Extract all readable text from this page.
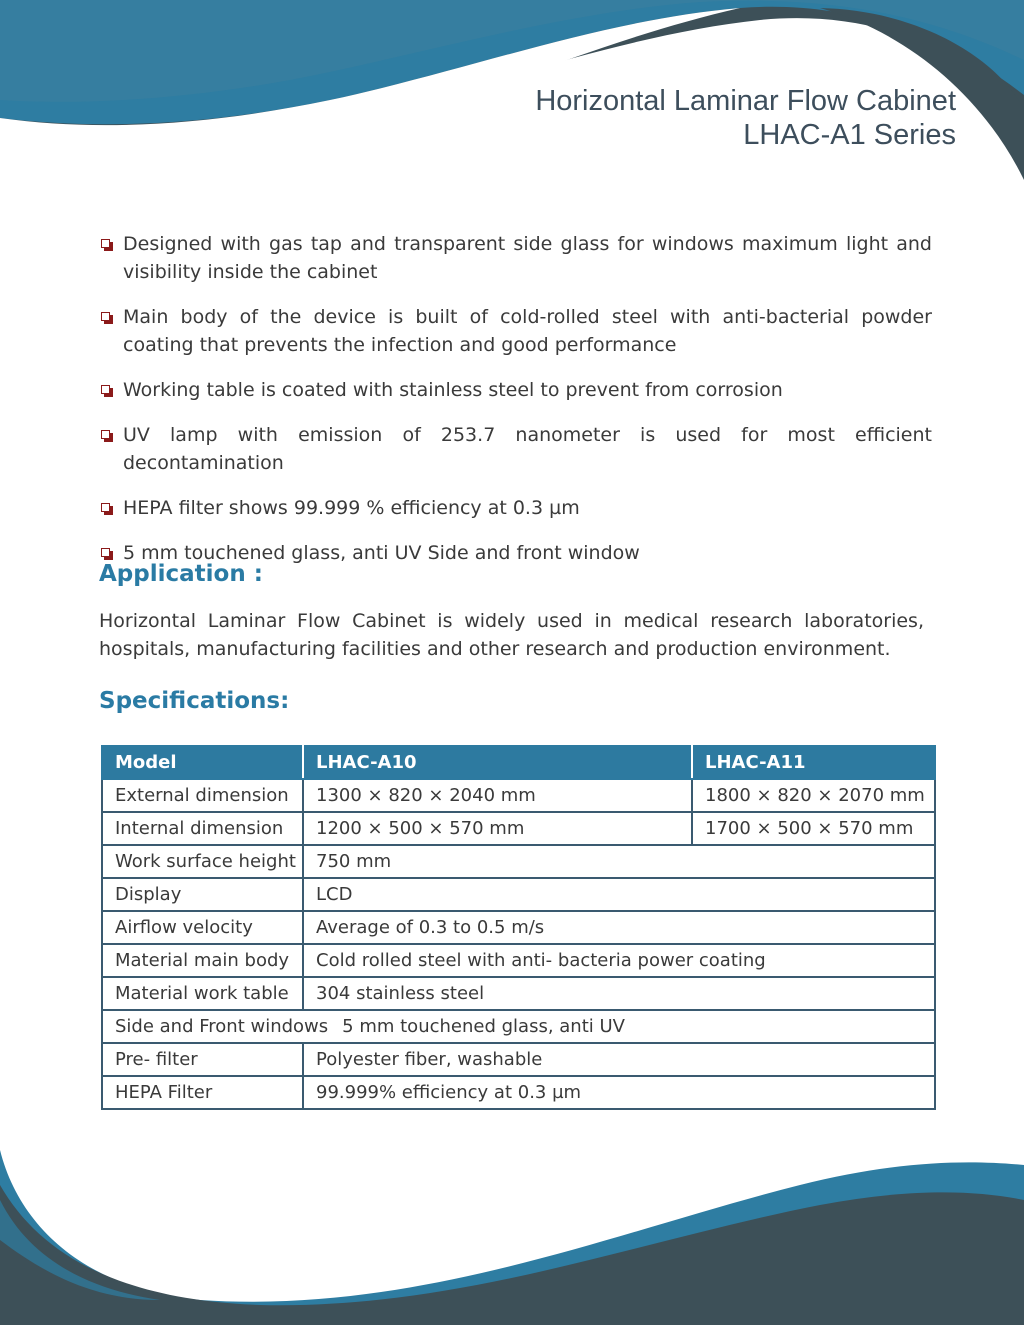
Horizontal Laminar Flow Cabinet
LHAC-A1 Series
Designed with gas tap and transparent side glass for windows maximum light and visibility inside the cabinet
Main body of the device is built of cold-rolled steel with anti-bacterial powder coating that prevents the infection and good performance
Working table is coated with stainless steel to prevent from corrosion
UV lamp with emission of 253.7 nanometer is used for most efficient decontamination
HEPA filter shows 99.999 % efficiency at 0.3 µm
5 mm touchened glass, anti UV Side and front window
Application :

Horizontal Laminar Flow Cabinet is widely used in medical research laboratories, hospitals, manufacturing facilities and other research and production environment.

Specifications:
Model	LHAC-A10	LHAC-A11
External dimension	1300 × 820 × 2040 mm	1800 × 820 × 2070 mm
Internal dimension	1200 × 500 × 570 mm	1700 × 500 × 570 mm
Work surface height	750 mm	
Display	LCD	
Airflow velocity	Average of 0.3 to 0.5 m/s	
Material main body	Cold rolled steel with anti- bacteria power coating	
Material work table	304 stainless steel	
Side and Front windows 5 mm touchened glass, anti UV		
Pre- filter	Polyester fiber, washable	
HEPA Filter	99.999% efficiency at 0.3 µm	
